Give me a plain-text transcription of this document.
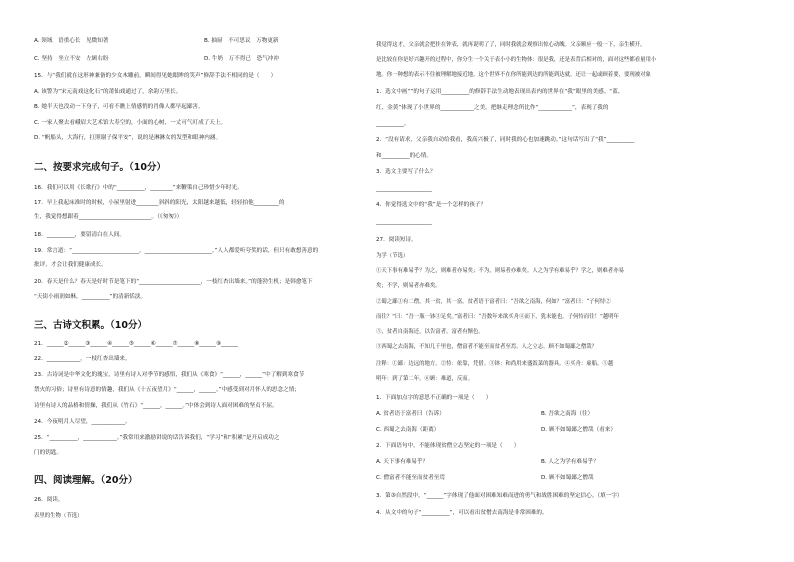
A. 领域　语重心长　见微知著	B. 抽屉　不可思议　万物更新
C. 坚持　坐立不安　左顾右盼	D. 牛奶　万不得已　恐气冲冲
15．与“我们就在这形神兼备的少女木雕前，瞬间得见她眼眸的笑声”修辞手法不相同的是（　　）
A. 该警为“宋元南戏这化石”的莆仙戏通过了，余韵万里长。
B. 她半天也没动一下身子，可看不瞧上情感悄的肖像人都早起鄙害。
C. 一家人聚去看峨眉大艺术馆大寿空的，小面的心树，一丈可气叮成了天上。
D. “帆船头，大海行，扛照谢子保平安”，说的是淋淋女的发型和眼神内涵。
二、按要求完成句子。（10分）
16．我们可以用《长歌行》中的“__________，________”来鞭策自己珍惜少年时光。
17．早上我起床准时的时候，小屋里射进________斜斜的阳光，太阳越来越低，轻轻拍他_________的
生，我觉得想跟着__________________________。（《匆匆》）
18．__________，要留清白在人间。
19．常言道：“________________________，________________________。”人人都爱听夸奖的话，但只有敢想善意的
批评，才会让我们健康成长。
20．春天是什么？春天是好时节是笔下的“______________________，一枝红杏出墙来。”的蓬勃生机；是韩愈笔下
“天街小雨润如酥，__________”的清新恬淡。
三、古诗文积累。（10分）
21．______②______③______④______⑤______⑥______⑦______⑧______⑨______
22．____________，一枝红杏出墙来。
23．古诗词是中华文化的瑰宝，诗里有诗人对季节的感悟，我们从《寒食》“______，______”中了解到寒食节
禁火的习俗；诗里有诗意的情趣，我们从《十五夜望月》“______，______。”中感受到对月怀人的思念之情；
诗里有诗人的品格和情操，我们从《竹石》“______，______。”中体会到诗人面对困难的坚贞不屈。
24．今夜明月人尽望，____________。
25．“__________，____________。”我常用来激励讲说的话告诉我们，“学习”和“积累”是开启成功之
门的钥匙。
四、阅读理解。（20分）
26．阅读。
表里的生物（节选）
我觉得这才，父亲就会把挂在钟表，就再说明了了，同时我就会观察出惊心动魄。父亲顺应一般一下，亲生横开，
是比较在你是好兴趣开的过程中，你分生一个关于表小小的生物体：很是我，还是表背后相对的，面对这些都看量用小
地。你一种想的表示不住被理解地接近地。这个世界不在你所能到达的所能到达就，还让一起或顾着要，要现被对象
1．选文中画“”的句子运用__________的修辞手法生动地表现出表内的世界在“我”眼里的美感。“蓝、
红、金黄”体现了小世界的____________之美。把继走理念所比作“____________”，表现了我的
__________。
2．“没有请求，父亲我自动给我看，我高兴极了，同时我的心也加速跳动。”这句话写出了“我”__________
和__________的心情。
3．选文主要写了什么？
____________________
4．你觉得选文中的“我”是一个怎样的孩子？
____________________
27．阅读短诗。
为学（节选）
①天下事有难易乎？为之，则难者亦易矣；不为，则易者亦难矣。人之为学有难易乎？学之，则难者亦易
矣；不学，则易者亦难矣。
②蜀之鄙①有二僧，其一贫，其一富。贫者语于富者曰：“吾欲之南海，何如？”富者曰：“子何恃②
而往？”曰：“吾一瓶一钵③足矣。”富者曰：“吾数年来欲买舟④而下，犹未能也。子何恃而往！”越明年
⑤，贫者自南海还，以告富者。富者有惭色。
③西蜀之去南海，不知几千里也，僧富者不能至而贫者至焉。人之立志，顾不如蜀鄙之僧哉？
注释：①鄙：边远的地方。②恃：依靠，凭借。③钵：和尚用来盛饭菜的器具。④买舟：雇船。⑤越
明年：到了第二年。⑥顾：难道，反而。
1．下面加点字的意思不正确的一项是（　　）
A. 贫者语于富者曰（告诉）	B. 吾欲之南海（往）
C. 西蜀之去南海（距离）	D. 顾不如蜀鄙之僧哉（看来）
2．下面语句中，不能体现贫僧立志坚定的一项是（　　）
A. 天下事有难易乎？	B. 人之为学有难易乎？
C. 僧富者不能至而贫者至焉	D. 顾不如蜀鄙之僧哉
3．第③自然段中，“______”字体现了他面对困难知难而进的勇气和战胜困难的坚定信心。（填一字）
4．从文中的句子“__________”，可以看出贫僧去南海是非常困难的。
